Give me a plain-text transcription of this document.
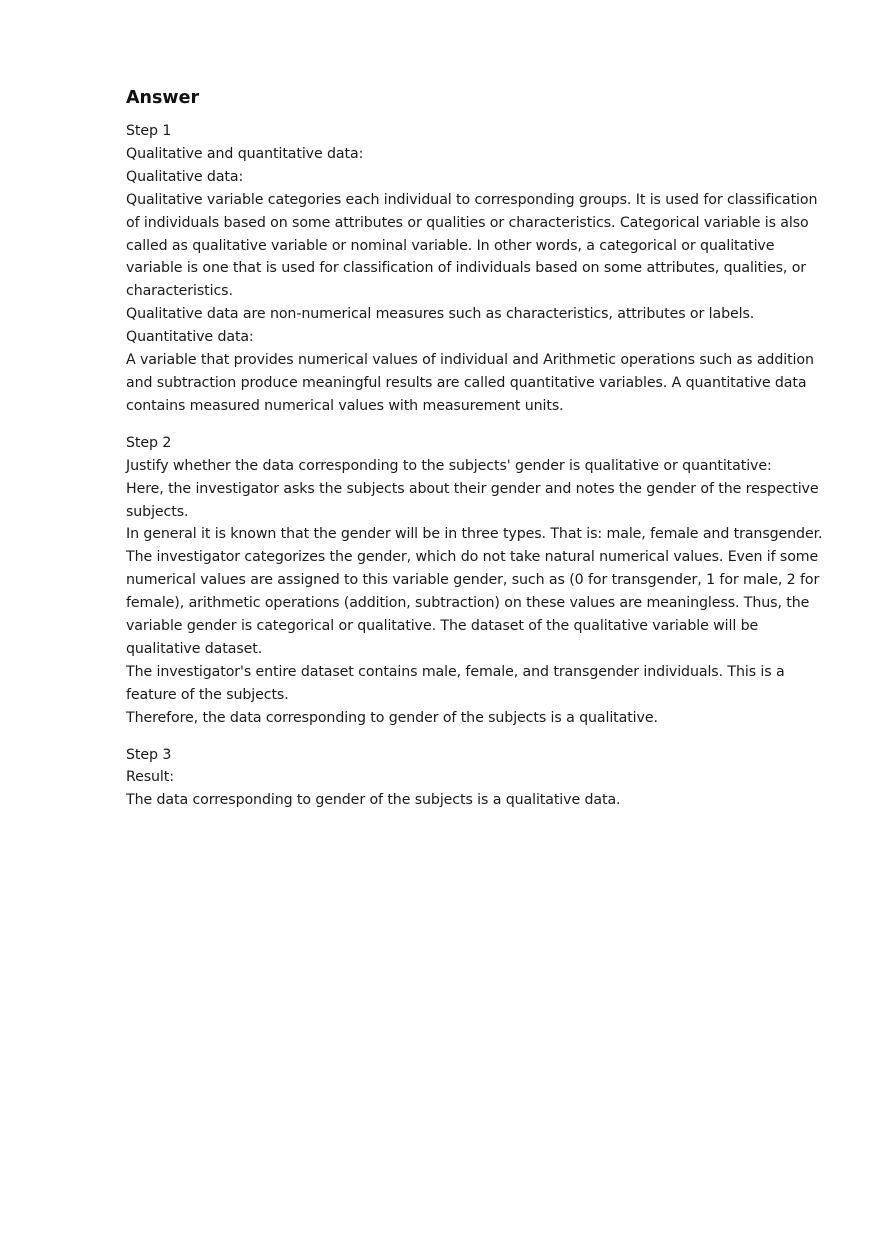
Answer

Step 1

Qualitative and quantitative data:

Qualitative data:

Qualitative variable categories each individual to corresponding groups. It is used for classification of individuals based on some attributes or qualities or characteristics. Categorical variable is also called as qualitative variable or nominal variable. In other words, a categorical or qualitative variable is one that is used for classification of individuals based on some attributes, qualities, or characteristics.

Qualitative data are non-numerical measures such as characteristics, attributes or labels.

Quantitative data:

A variable that provides numerical values of individual and Arithmetic operations such as addition and subtraction produce meaningful results are called quantitative variables. A quantitative data contains measured numerical values with measurement units.

Step 2

Justify whether the data corresponding to the subjects' gender is qualitative or quantitative:

Here, the investigator asks the subjects about their gender and notes the gender of the respective subjects.

In general it is known that the gender will be in three types. That is: male, female and transgender.

The investigator categorizes the gender, which do not take natural numerical values. Even if some numerical values are assigned to this variable gender, such as (0 for transgender, 1 for male, 2 for female), arithmetic operations (addition, subtraction) on these values are meaningless. Thus, the variable gender is categorical or qualitative. The dataset of the qualitative variable will be qualitative dataset.

The investigator's entire dataset contains male, female, and transgender individuals. This is a feature of the subjects.

Therefore, the data corresponding to gender of the subjects is a qualitative.

Step 3

Result:

The data corresponding to gender of the subjects is a qualitative data.
